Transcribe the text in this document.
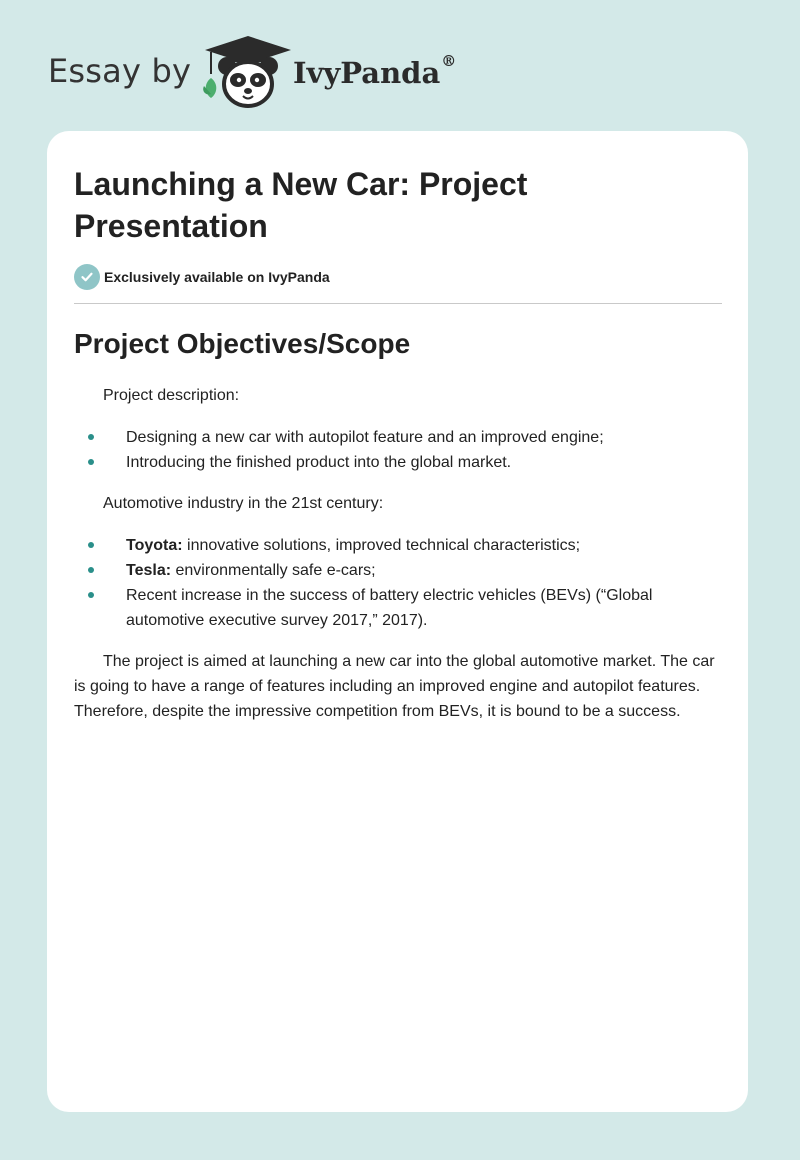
Essay by	IvyPanda®
Launching a New Car: Project Presentation
Exclusively available on IvyPanda
Project Objectives/Scope

Project description:

Designing a new car with autopilot feature and an improved engine;
Introducing the finished product into the global market.

Automotive industry in the 21st century:

Toyota: innovative solutions, improved technical characteristics;
Tesla: environmentally safe e-cars;
Recent increase in the success of battery electric vehicles (BEVs) (“Global automotive executive survey 2017,” 2017).

The project is aimed at launching a new car into the global automotive market. The car is going to have a range of features including an improved engine and autopilot features. Therefore, despite the impressive competition from BEVs, it is bound to be a success.
